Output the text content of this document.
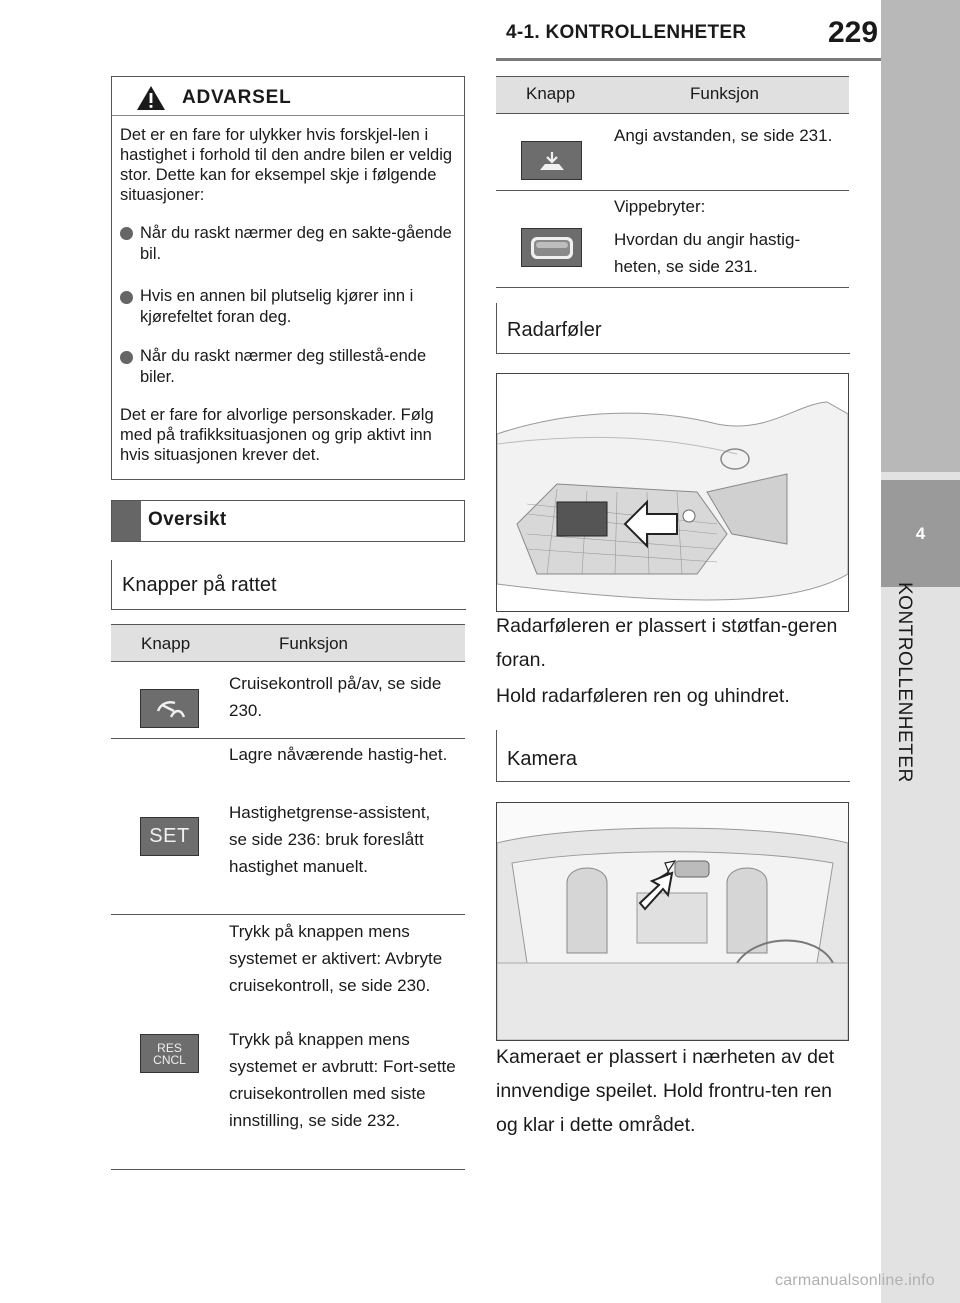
4-1. KONTROLLENHETER	229
4
KONTROLLENHETER
ADVARSEL
Det er en fare for ulykker hvis forskjel-len i hastighet i forhold til den andre bilen er veldig stor. Dette kan for eksempel skje i følgende situasjoner:
Når du raskt nærmer deg en sakte-gående bil.
Hvis en annen bil plutselig kjører inn i kjørefeltet foran deg.
Når du raskt nærmer deg stillestå-ende biler.
Det er fare for alvorlige personskader. Følg med på trafikksituasjonen og grip aktivt inn hvis situasjonen krever det.
Oversikt
Knapper på rattet
Knapp	Funksjon
Cruisekontroll på/av, se side 230.
SET
Lagre nåværende hastig-het.
Hastighetgrense-assistent, se side 236: bruk foreslått hastighet manuelt.
RES
CNCL
Trykk på knappen mens systemet er aktivert: Avbryte cruisekontroll, se side 230.
Trykk på knappen mens systemet er avbrutt: Fort-sette cruisekontrollen med siste innstilling, se side 232.
Knapp	Funksjon
Angi avstanden, se side 231.
Vippebryter:
Hvordan du angir hastig-heten, se side 231.
Radarføler
Radarføleren er plassert i støtfan-geren foran.
Hold radarføleren ren og uhindret.
Kamera
Kameraet er plassert i nærheten av det innvendige speilet. Hold frontru-ten ren og klar i dette området.
carmanualsonline.info
